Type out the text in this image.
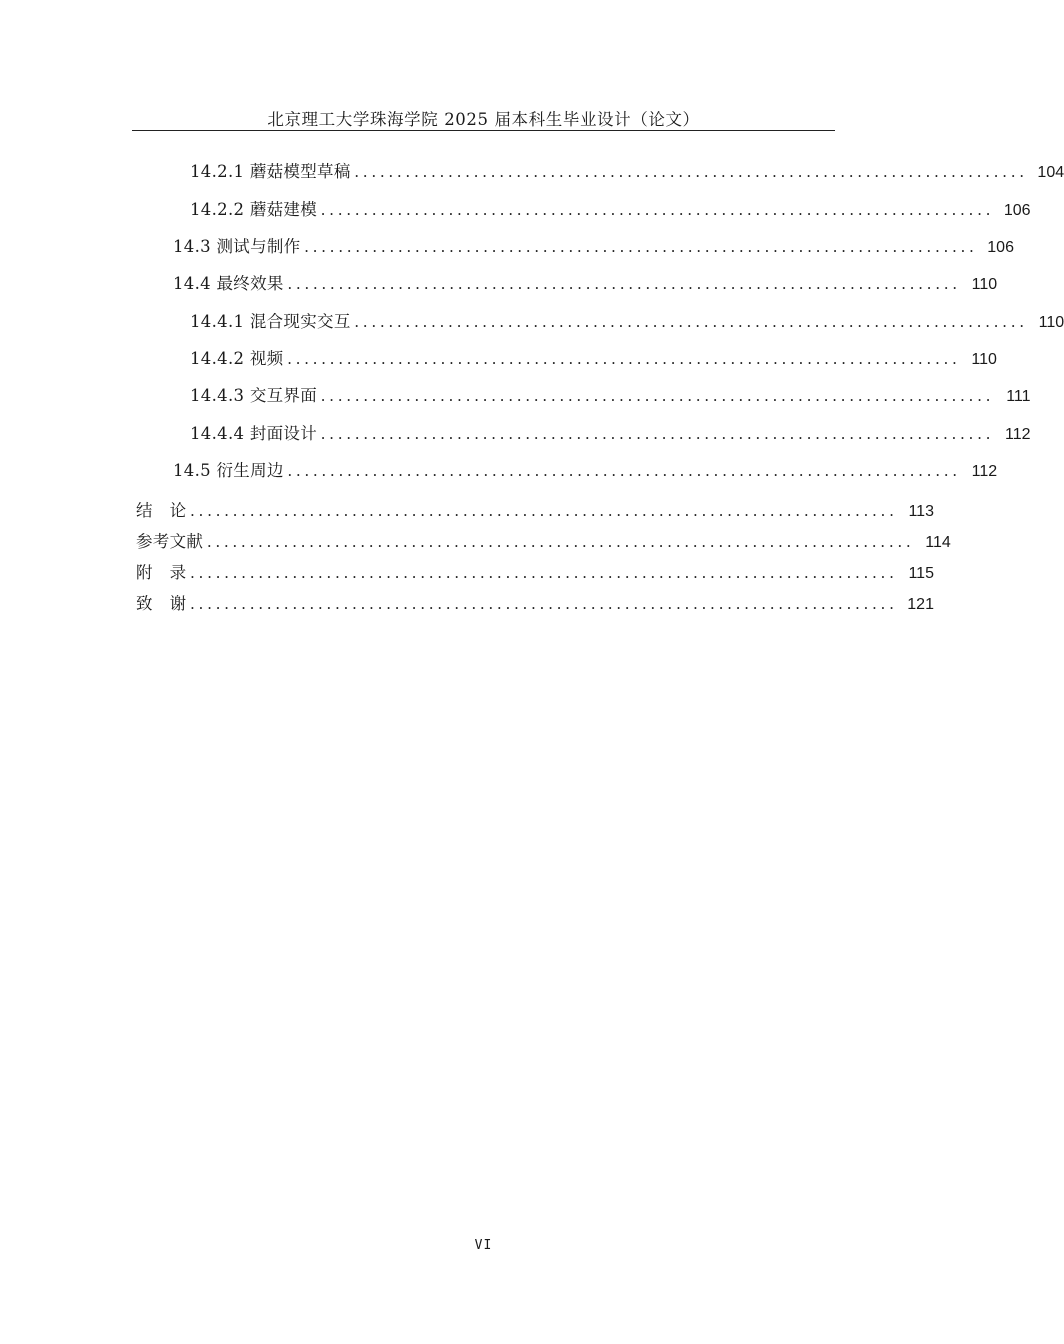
北京理工大学珠海学院 2025 届本科生毕业设计（论文）
14.2.1 蘑菇模型草稿 ............................................................................... 104
14.2.2 蘑菇建模 ............................................................................... 106
14.3 测试与制作 ............................................................................... 106
14.4 最终效果 ............................................................................... 110
14.4.1 混合现实交互 ............................................................................... 110
14.4.2 视频 ............................................................................... 110
14.4.3 交互界面 ............................................................................... 111
14.4.4 封面设计 ............................................................................... 112
14.5 衍生周边 ............................................................................... 112
结　论 ................................................................................... 113
参考文献 ................................................................................... 114
附　录 ................................................................................... 115
致　谢 ................................................................................... 121
VI
